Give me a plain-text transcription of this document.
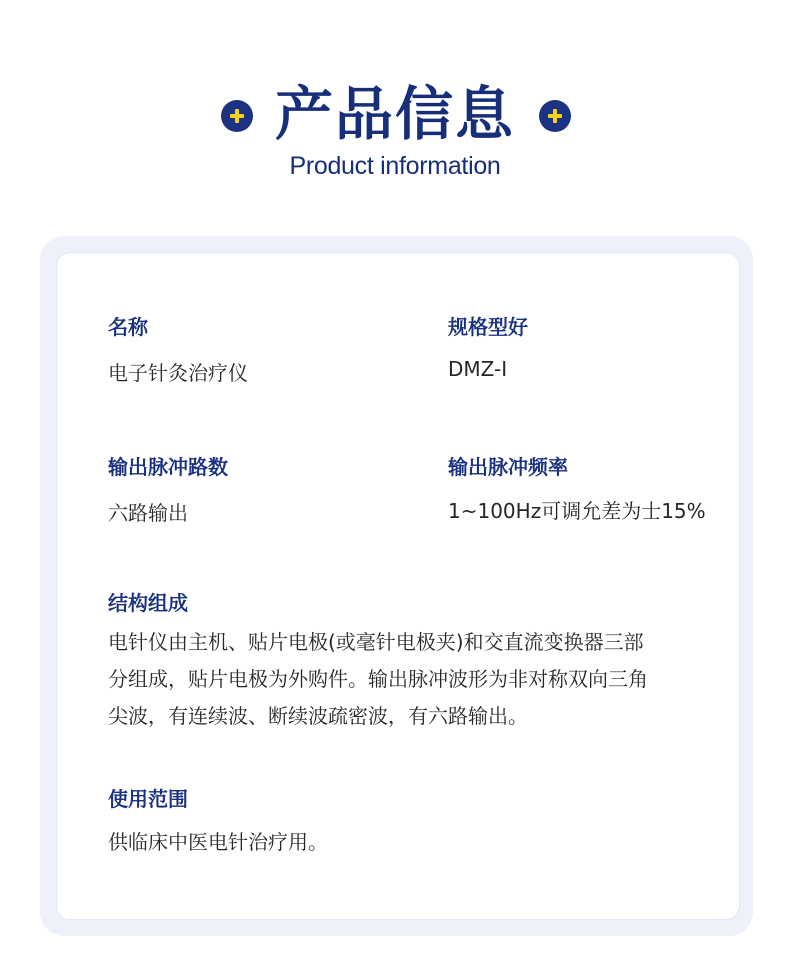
产品信息
Product information
名称
电子针灸治疗仪
规格型好
DMZ-I
输出脉冲路数
六路输出
输出脉冲频率
1~100Hz可调允差为士15%
结构组成
电针仪由主机、贴片电极(或毫针电极夹)和交直流变换器三部
分组成，贴片电极为外购件。输出脉冲波形为非对称双向三角
尖波，有连续波、断续波疏密波，有六路输出。
使用范围
供临床中医电针治疗用。
